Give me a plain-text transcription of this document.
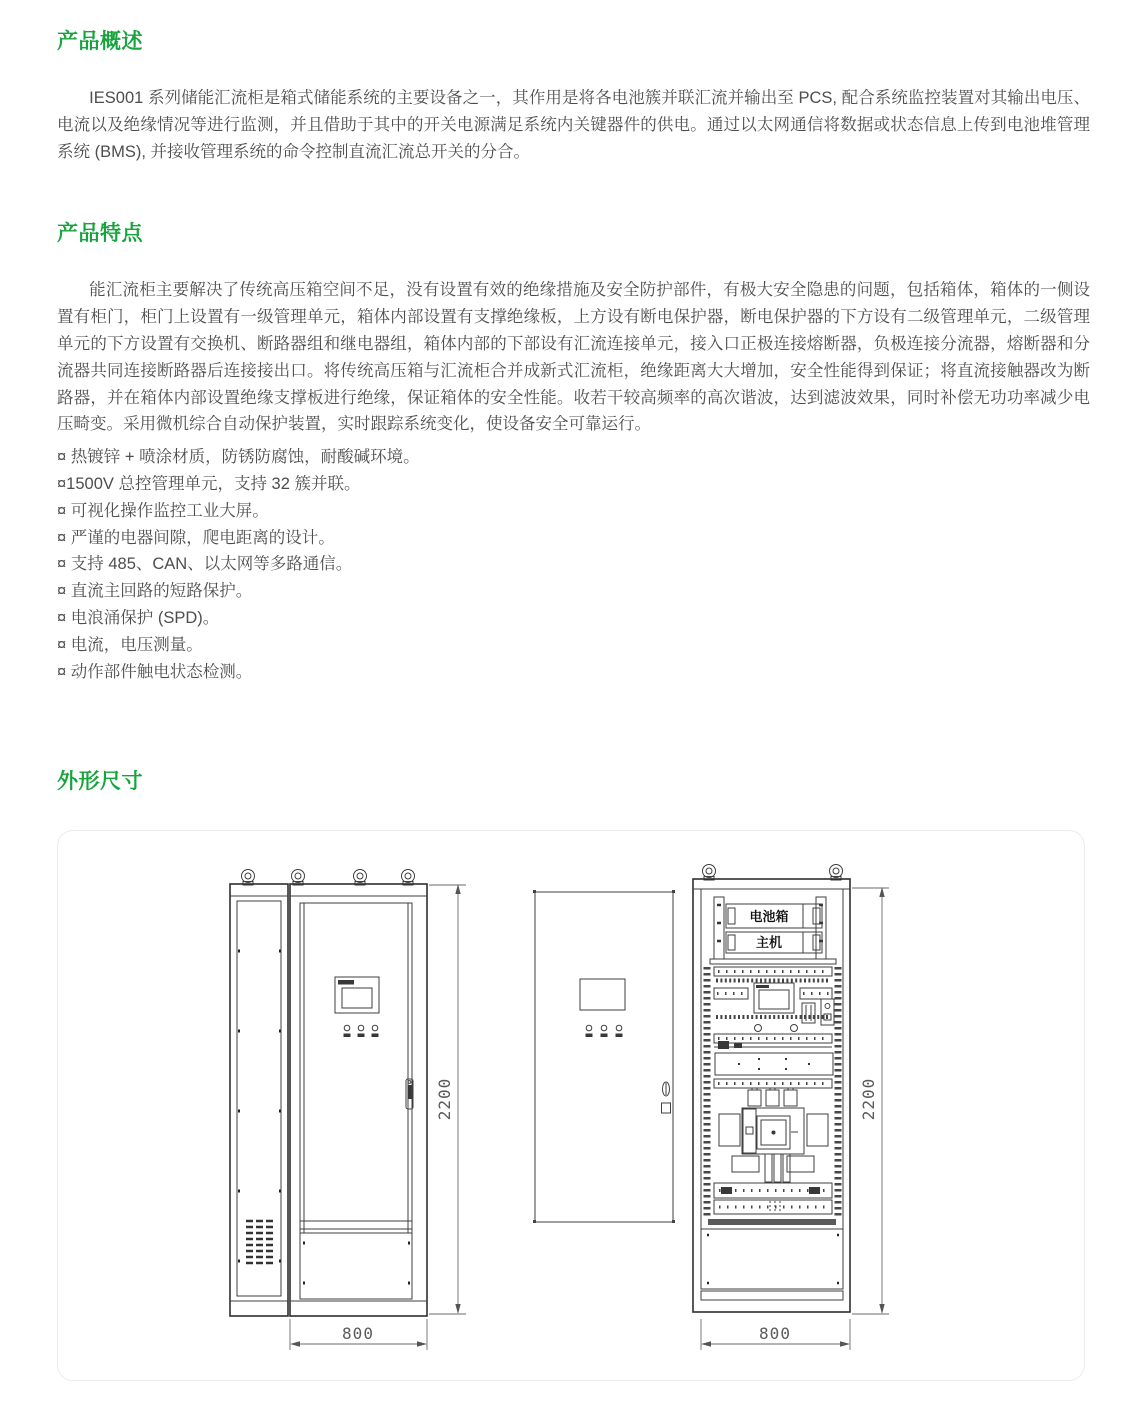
产品概述

IES001 系列储能汇流柜是箱式储能系统的主要设备之一，其作用是将各电池簇并联汇流并输出至 PCS, 配合系统监控装置对其输出电压、电流以及绝缘情况等进行监测，并且借助于其中的开关电源满足系统内关键器件的供电。通过以太网通信将数据或状态信息上传到电池堆管理系统 (BMS), 并接收管理系统的命令控制直流汇流总开关的分合。

产品特点

能汇流柜主要解决了传统高压箱空间不足，没有设置有效的绝缘措施及安全防护部件，有极大安全隐患的问题，包括箱体，箱体的一侧设置有柜门，柜门上设置有一级管理单元，箱体内部设置有支撑绝缘板，上方设有断电保护器，断电保护器的下方设有二级管理单元，二级管理单元的下方设置有交换机、断路器组和继电器组，箱体内部的下部设有汇流连接单元，接入口正极连接熔断器，负极连接分流器，熔断器和分流器共同连接断路器后连接接出口。将传统高压箱与汇流柜合并成新式汇流柜，绝缘距离大大增加，安全性能得到保证；将直流接触器改为断路器，并在箱体内部设置绝缘支撑板进行绝缘，保证箱体的安全性能。收若干较高频率的高次谐波，达到滤波效果，同时补偿无功功率减少电压畸变。采用微机综合自动保护装置，实时跟踪系统变化，使设备安全可靠运行。

¤ 热镀锌 + 喷涂材质，防锈防腐蚀，耐酸碱环境。
¤1500V 总控管理单元，支持 32 簇并联。
¤ 可视化操作监控工业大屏。
¤ 严谨的电器间隙，爬电距离的设计。
¤ 支持 485、CAN、以太网等多路通信。
¤ 直流主回路的短路保护。
¤ 电浪涌保护 (SPD)。
¤ 电流，电压测量。
¤ 动作部件触电状态检测。
外形尺寸
2200
800
电池箱
主机
2200
800
